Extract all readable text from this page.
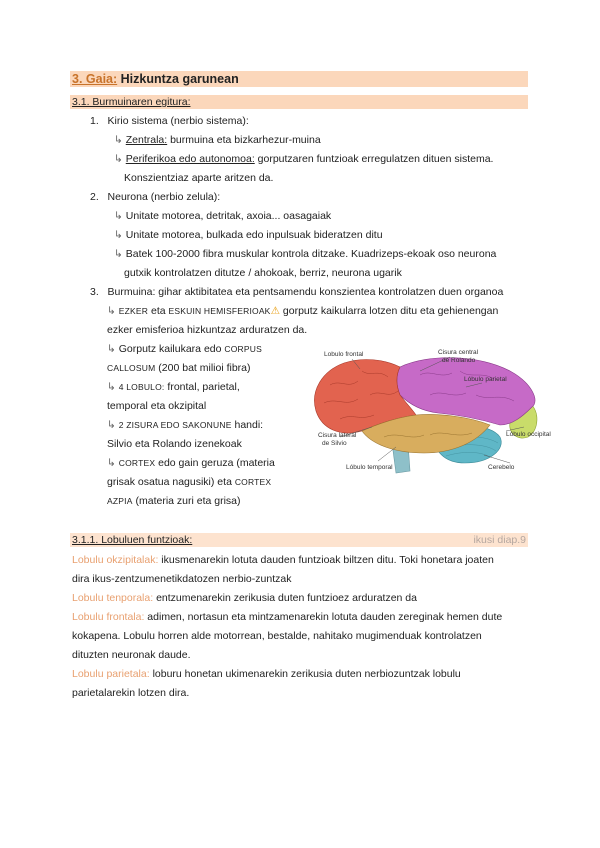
3. Gaia: Hizkuntza garunean
3.1. Burmuinaren egitura:
1. Kirio sistema (nerbio sistema):
↳ Zentrala: burmuina eta bizkarhezur-muina
↳ Periferikoa edo autonomoa: gorputzaren funtzioak erregulatzen dituen sistema.
Konszientziaz aparte aritzen da.
2. Neurona (nerbio zelula):
↳ Unitate motorea, detritak, axoia... oasagaiak
↳ Unitate motorea, bulkada edo inpulsuak bideratzen ditu
↳ Batek 100-2000 fibra muskular kontrola ditzake. Kuadrizeps-ekoak oso neurona
gutxik kontrolatzen ditutze / ahokoak, berriz, neurona ugarik
3. Burmuina: gihar aktibitatea eta pentsamendu konszientea kontrolatzen duen organoa
↳ EZKER eta ESKUIN HEMISFERIOAK⚠ gorputz kaikularra lotzen ditu eta gehienengan
ezker emisferioa hizkuntzaz arduratzen da.
↳ Gorputz kailukara edo CORPUS
CALLOSUM (200 bat milioi fibra)
↳ 4 LOBULO: frontal, parietal,
temporal eta okzipital
↳ 2 ZISURA EDO SAKONUNE handi:
Silvio eta Rolando izenekoak
↳ CORTEX edo gain geruza (materia
grisak osatua nagusiki) eta CORTEX
AZPIA (materia zuri eta grisa)
Lobulo frontal	Cisura central
de Rolando
Lóbulo parietal
Lóbulo occipital
Cisura lateral
de Silvio
Lóbulo temporal	Cerebelo
3.1.1. Lobuluen funtzioak:	ikusi diap.9
Lobulu okzipitalak: ikusmenarekin lotuta dauden funtzioak biltzen ditu. Toki honetara joaten
dira ikus-zentzumenetikdatozen nerbio-zuntzak
Lobulu tenporala: entzumenarekin zerikusia duten funtzioez arduratzen da
Lobulu frontala: adimen, nortasun eta mintzamenarekin lotuta dauden zereginak hemen dute
kokapena. Lobulu horren alde motorrean, bestalde, nahitako mugimenduak kontrolatzen
dituzten neuronak daude.
Lobulu parietala: loburu honetan ukimenarekin zerikusia duten nerbiozuntzak lobulu
parietalarekin lotzen dira.
